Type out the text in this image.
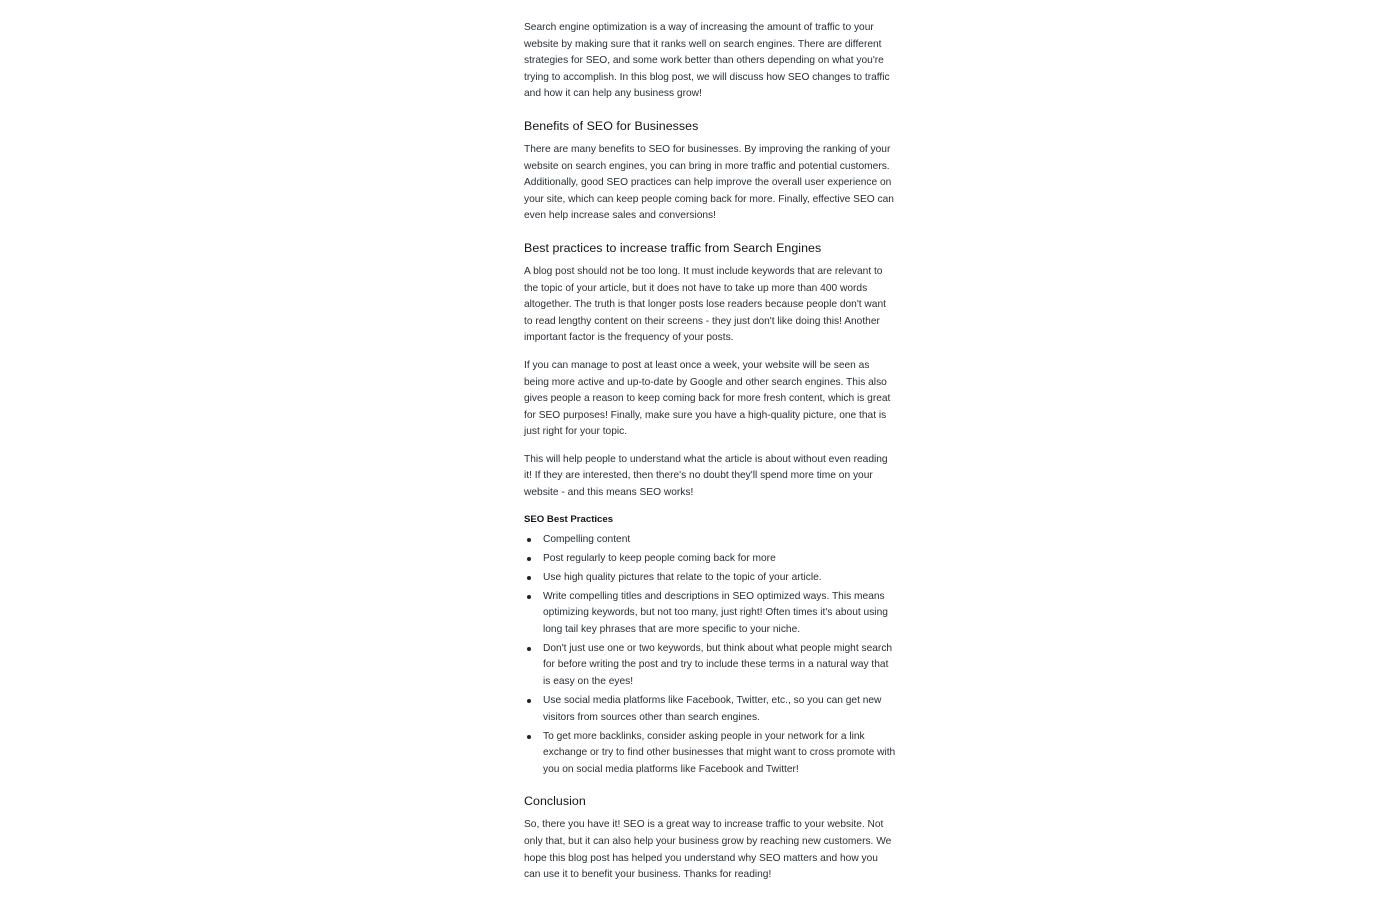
Search engine optimization is a way of increasing the amount of traffic to your website by making sure that it ranks well on search engines. There are different strategies for SEO, and some work better than others depending on what you're trying to accomplish. In this blog post, we will discuss how SEO changes to traffic and how it can help any business grow!

Benefits of SEO for Businesses

There are many benefits to SEO for businesses. By improving the ranking of your website on search engines, you can bring in more traffic and potential customers. Additionally, good SEO practices can help improve the overall user experience on your site, which can keep people coming back for more. Finally, effective SEO can even help increase sales and conversions!

Best practices to increase traffic from Search Engines

A blog post should not be too long. It must include keywords that are relevant to the topic of your article, but it does not have to take up more than 400 words altogether. The truth is that longer posts lose readers because people don't want to read lengthy content on their screens - they just don't like doing this! Another important factor is the frequency of your posts.

If you can manage to post at least once a week, your website will be seen as being more active and up-to-date by Google and other search engines. This also gives people a reason to keep coming back for more fresh content, which is great for SEO purposes! Finally, make sure you have a high-quality picture, one that is just right for your topic.

This will help people to understand what the article is about without even reading it! If they are interested, then there's no doubt they'll spend more time on your website - and this means SEO works!

SEO Best Practices
Compelling content
Post regularly to keep people coming back for more
Use high quality pictures that relate to the topic of your article.
Write compelling titles and descriptions in SEO optimized ways. This means optimizing keywords, but not too many, just right! Often times it's about using long tail key phrases that are more specific to your niche.
Don't just use one or two keywords, but think about what people might search for before writing the post and try to include these terms in a natural way that is easy on the eyes!
Use social media platforms like Facebook, Twitter, etc., so you can get new visitors from sources other than search engines.
To get more backlinks, consider asking people in your network for a link exchange or try to find other businesses that might want to cross promote with you on social media platforms like Facebook and Twitter!
Conclusion

So, there you have it! SEO is a great way to increase traffic to your website. Not only that, but it can also help your business grow by reaching new customers. We hope this blog post has helped you understand why SEO matters and how you can use it to benefit your business. Thanks for reading!
